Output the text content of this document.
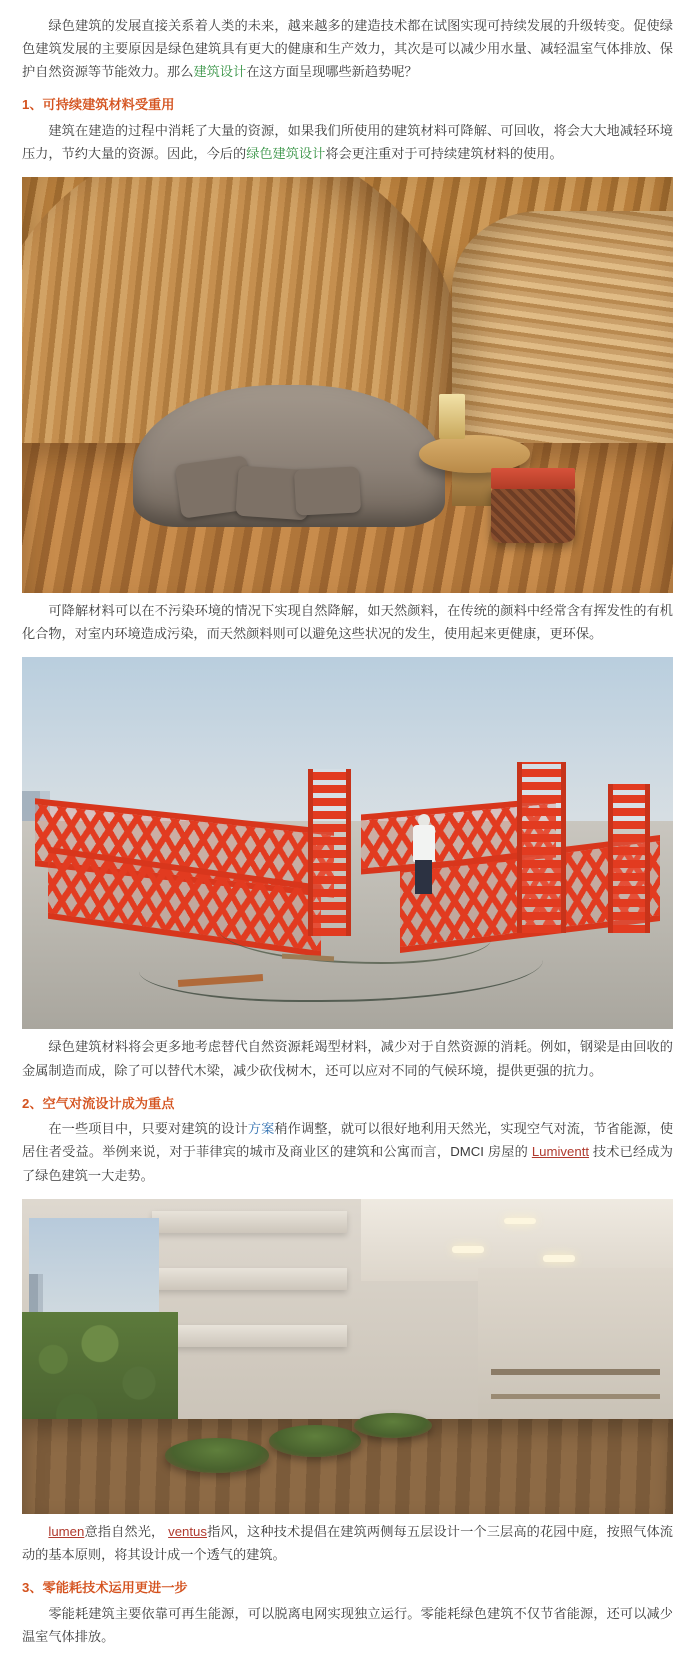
绿色建筑的发展直接关系着人类的未来，越来越多的建造技术都在试图实现可持续发展的升级转变。促使绿色建筑发展的主要原因是绿色建筑具有更大的健康和生产效力，其次是可以减少用水量、减轻温室气体排放、保护自然资源等节能效力。那么建筑设计在这方面呈现哪些新趋势呢？

1、可持续建筑材料受重用

建筑在建造的过程中消耗了大量的资源，如果我们所使用的建筑材料可降解、可回收，将会大大地减轻环境压力，节约大量的资源。因此，今后的绿色建筑设计将会更注重对于可持续建筑材料的使用。

可降解材料可以在不污染环境的情况下实现自然降解，如天然颜料，在传统的颜料中经常含有挥发性的有机化合物，对室内环境造成污染，而天然颜料则可以避免这些状况的发生，使用起来更健康，更环保。

绿色建筑材料将会更多地考虑替代自然资源耗竭型材料，减少对于自然资源的消耗。例如，钢梁是由回收的金属制造而成，除了可以替代木梁，减少砍伐树木，还可以应对不同的气候环境，提供更强的抗力。

2、空气对流设计成为重点

在一些项目中，只要对建筑的设计方案稍作调整，就可以很好地利用天然光，实现空气对流，节省能源，使居住者受益。举例来说，对于菲律宾的城市及商业区的建筑和公寓而言，DMCI 房屋的 Lumiventt 技术已经成为了绿色建筑一大走势。

lumen意指自然光， ventus指风，这种技术提倡在建筑两侧每五层设计一个三层高的花园中庭，按照气体流动的基本原则，将其设计成一个透气的建筑。

3、零能耗技术运用更进一步

零能耗建筑主要依靠可再生能源，可以脱离电网实现独立运行。零能耗绿色建筑不仅节省能源，还可以减少温室气体排放。
